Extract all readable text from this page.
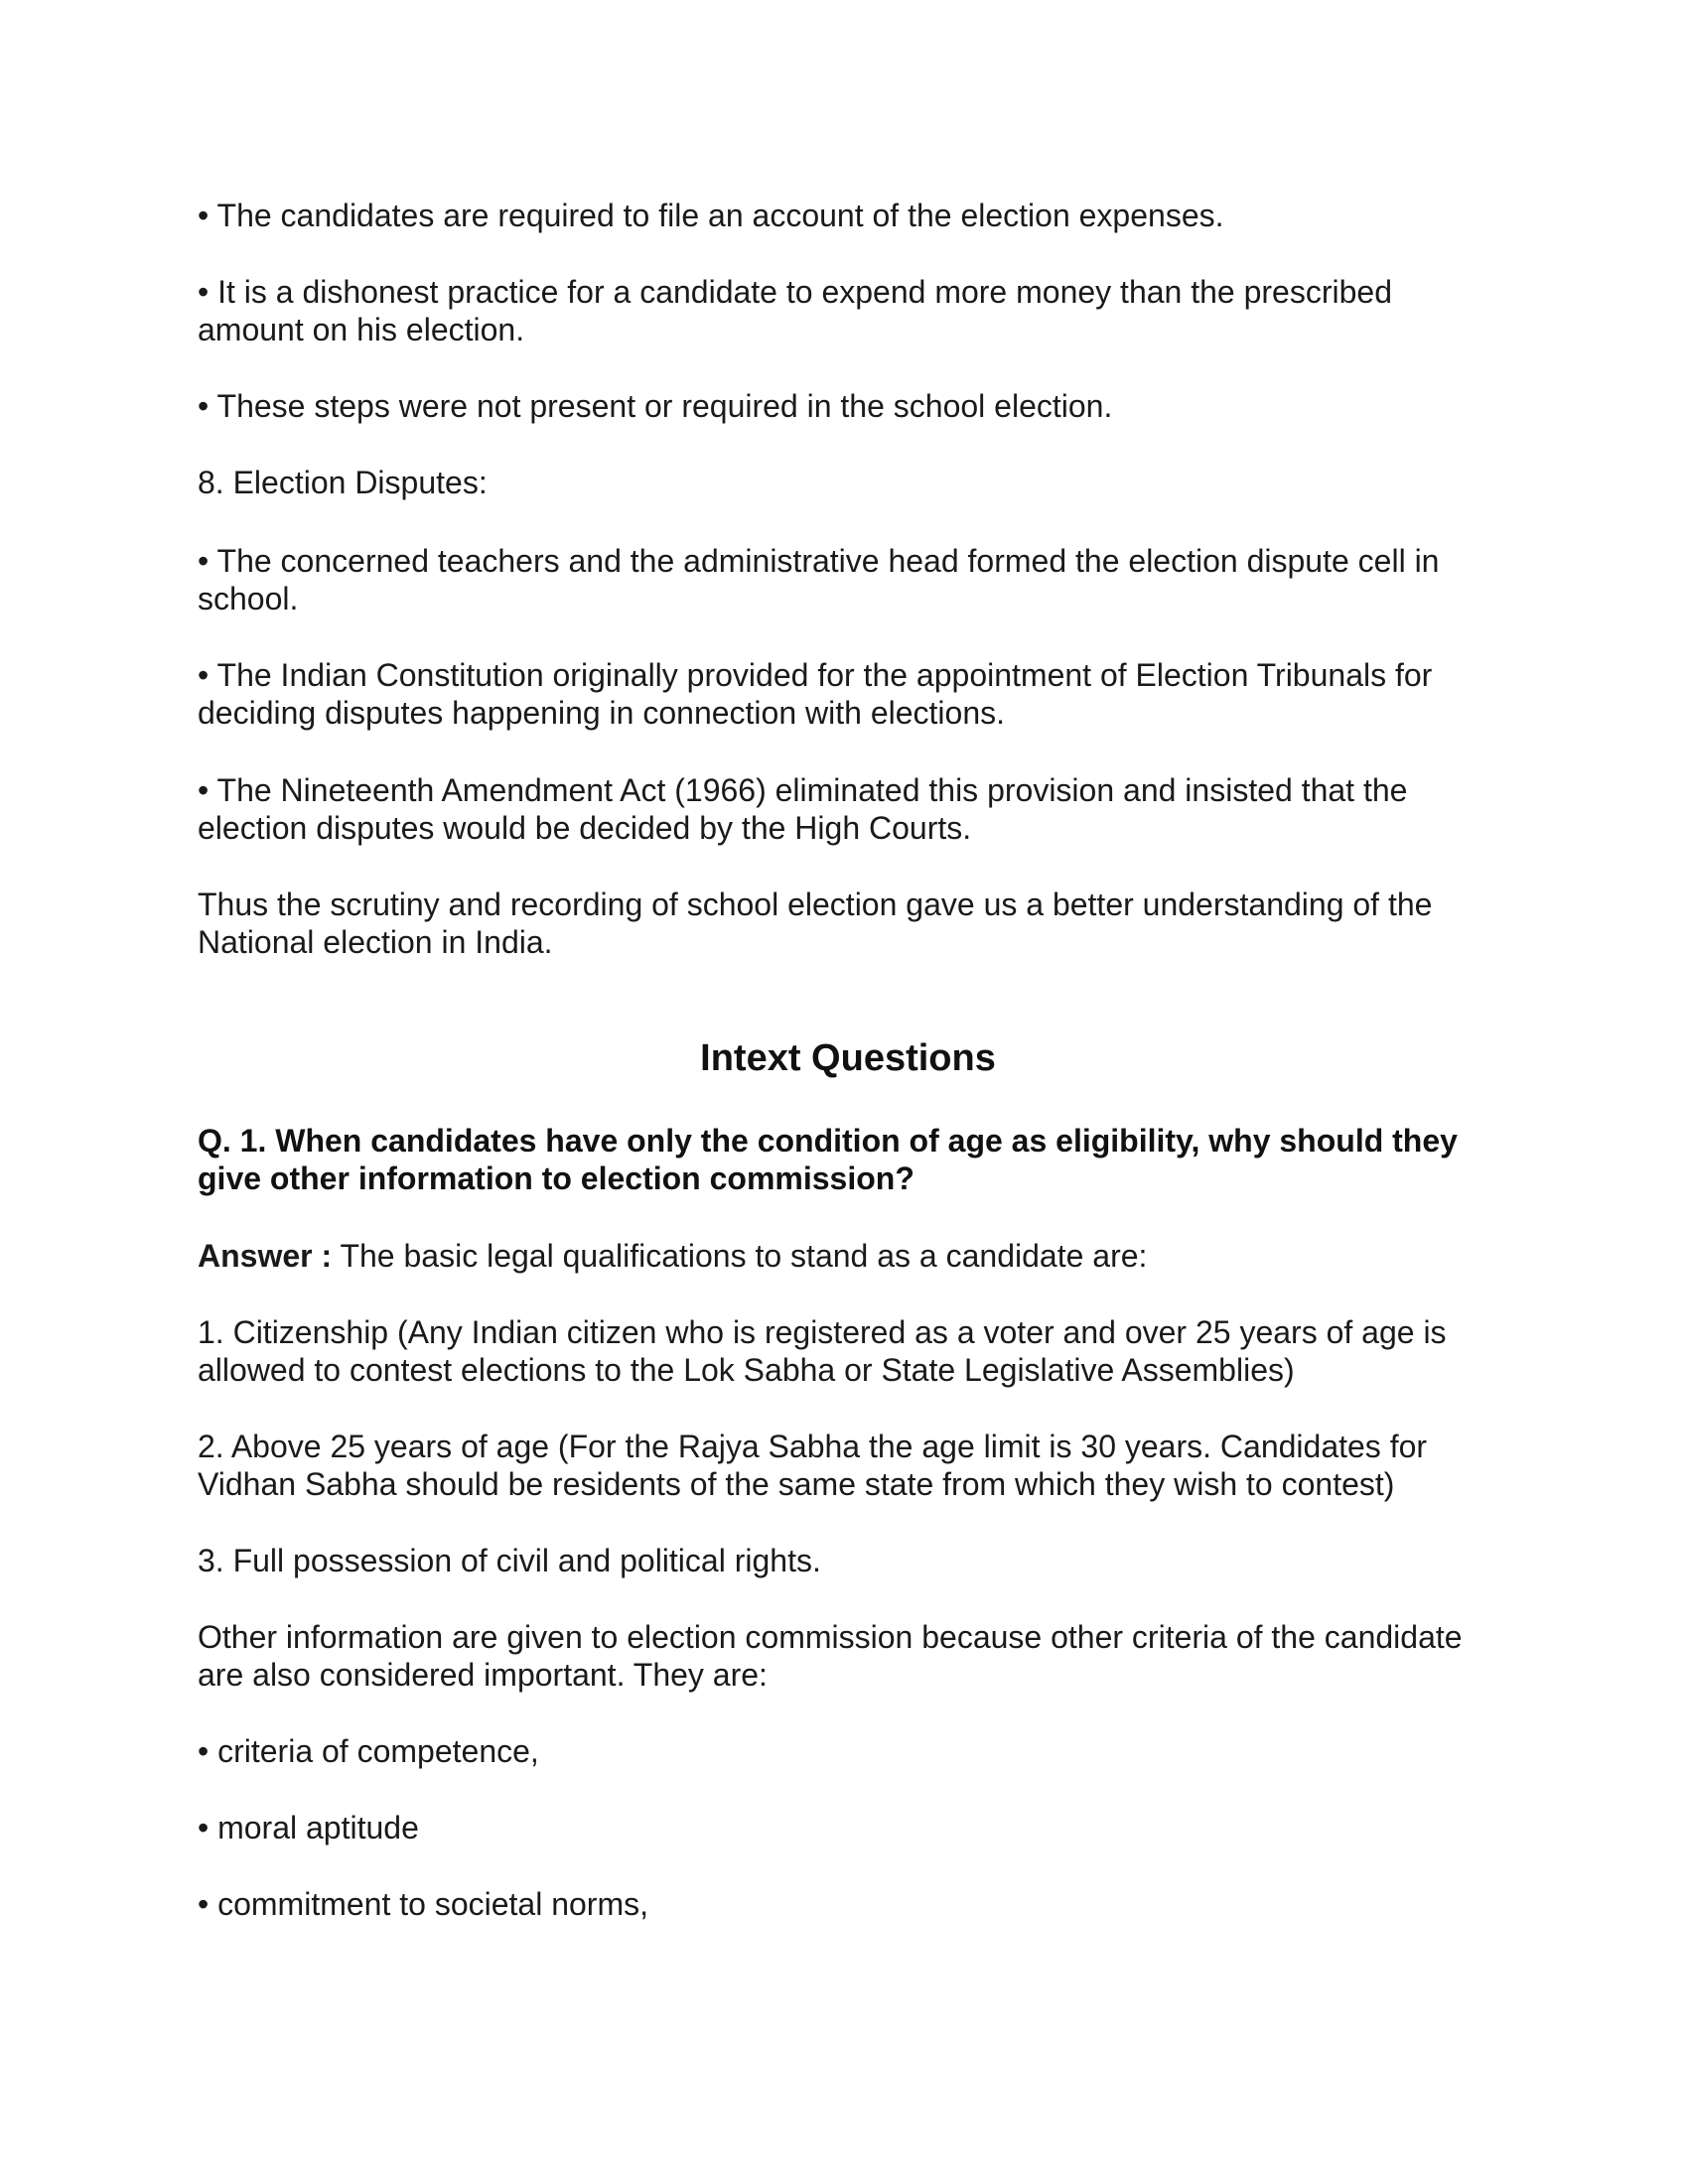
• The candidates are required to file an account of the election expenses.

• It is a dishonest practice for a candidate to expend more money than the prescribed amount on his election.

• These steps were not present or required in the school election.

8. Election Disputes:

• The concerned teachers and the administrative head formed the election dispute cell in school.

• The Indian Constitution originally provided for the appointment of Election Tribunals for deciding disputes happening in connection with elections.

• The Nineteenth Amendment Act (1966) eliminated this provision and insisted that the election disputes would be decided by the High Courts.

Thus the scrutiny and recording of school election gave us a better understanding of the National election in India.

Intext Questions

Q. 1. When candidates have only the condition of age as eligibility, why should they give other information to election commission?

Answer : The basic legal qualifications to stand as a candidate are:

1. Citizenship (Any Indian citizen who is registered as a voter and over 25 years of age is allowed to contest elections to the Lok Sabha or State Legislative Assemblies)

2. Above 25 years of age (For the Rajya Sabha the age limit is 30 years. Candidates for Vidhan Sabha should be residents of the same state from which they wish to contest)

3. Full possession of civil and political rights.

Other information are given to election commission because other criteria of the candidate are also considered important. They are:

• criteria of competence,

• moral aptitude

• commitment to societal norms,
